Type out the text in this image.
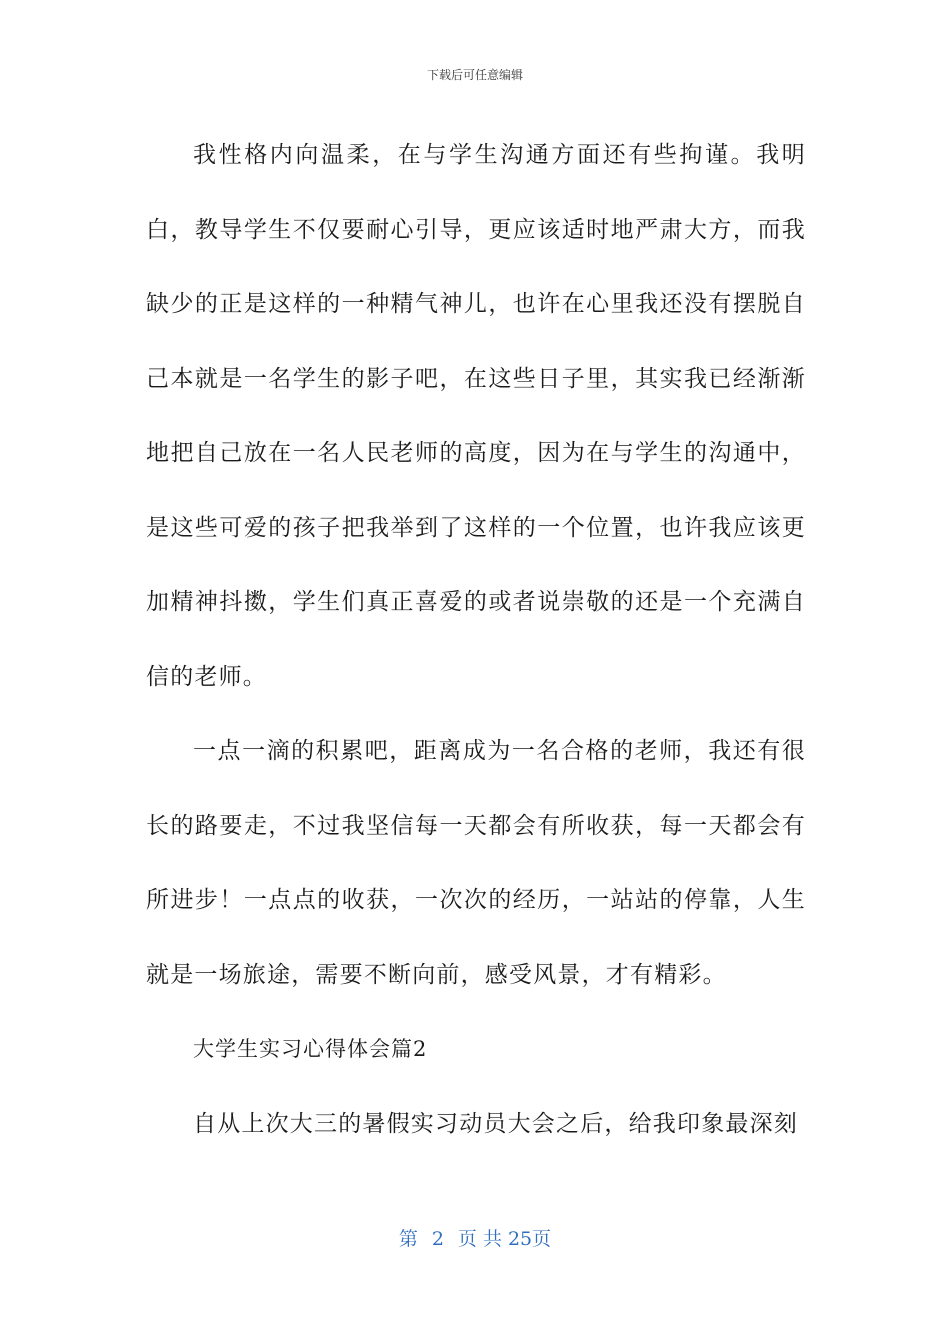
下载后可任意编辑

我性格内向温柔，在与学生沟通方面还有些拘谨。我明白，教导学生不仅要耐心引导，更应该适时地严肃大方，而我缺少的正是这样的一种精气神儿，也许在心里我还没有摆脱自己本就是一名学生的影子吧，在这些日子里，其实我已经渐渐地把自己放在一名人民老师的高度，因为在与学生的沟通中，是这些可爱的孩子把我举到了这样的一个位置，也许我应该更加精神抖擞，学生们真正喜爱的或者说崇敬的还是一个充满自信的老师。

一点一滴的积累吧，距离成为一名合格的老师，我还有很长的路要走，不过我坚信每一天都会有所收获，每一天都会有所进步！一点点的收获，一次次的经历，一站站的停靠，人生就是一场旅途，需要不断向前，感受风景，才有精彩。

大学生实习心得体会篇2

自从上次大三的暑假实习动员大会之后，给我印象最深刻

第 2 页 共 25页
